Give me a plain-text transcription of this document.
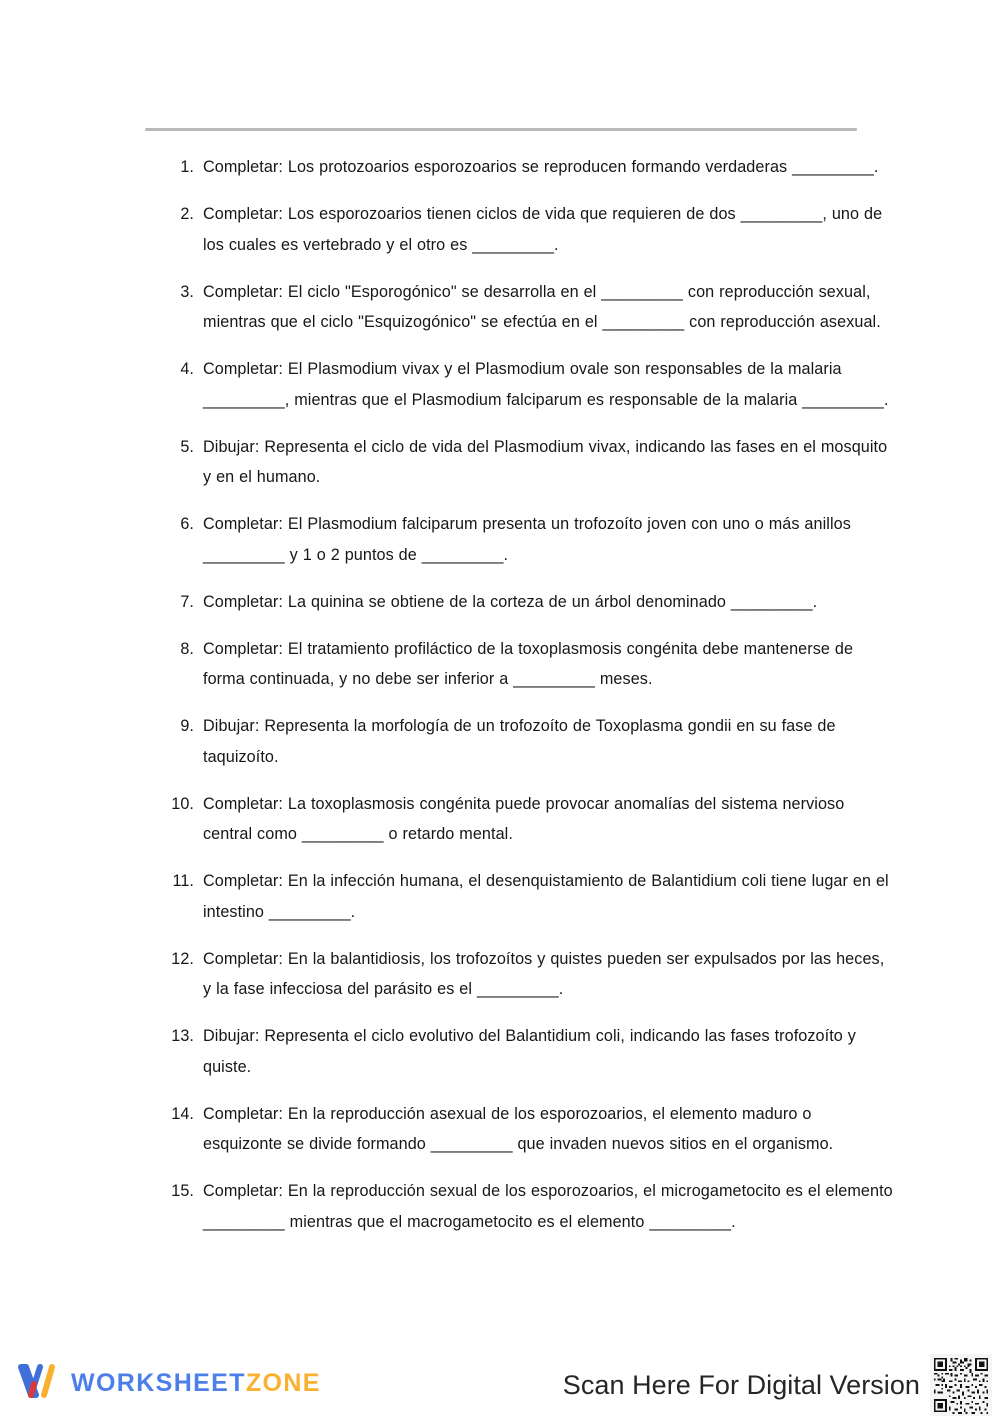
1. Completar: Los protozoarios esporozoarios se reproducen formando verdaderas _________.
2. Completar: Los esporozoarios tienen ciclos de vida que requieren de dos _________, uno de los cuales es vertebrado y el otro es _________.
3. Completar: El ciclo "Esporogónico" se desarrolla en el _________ con reproducción sexual, mientras que el ciclo "Esquizogónico" se efectúa en el _________ con reproducción asexual.
4. Completar: El Plasmodium vivax y el Plasmodium ovale son responsables de la malaria _________, mientras que el Plasmodium falciparum es responsable de la malaria _________.
5. Dibujar: Representa el ciclo de vida del Plasmodium vivax, indicando las fases en el mosquito y en el humano.
6. Completar: El Plasmodium falciparum presenta un trofozoíto joven con uno o más anillos _________ y 1 o 2 puntos de _________.
7. Completar: La quinina se obtiene de la corteza de un árbol denominado _________.
8. Completar: El tratamiento profiláctico de la toxoplasmosis congénita debe mantenerse de forma continuada, y no debe ser inferior a _________ meses.
9. Dibujar: Representa la morfología de un trofozoíto de Toxoplasma gondii en su fase de taquizoíto.
10. Completar: La toxoplasmosis congénita puede provocar anomalías del sistema nervioso central como _________ o retardo mental.
11. Completar: En la infección humana, el desenquistamiento de Balantidium coli tiene lugar en el intestino _________.
12. Completar: En la balantidiosis, los trofozoítos y quistes pueden ser expulsados por las heces, y la fase infecciosa del parásito es el _________.
13. Dibujar: Representa el ciclo evolutivo del Balantidium coli, indicando las fases trofozoíto y quiste.
14. Completar: En la reproducción asexual de los esporozoarios, el elemento maduro o esquizonte se divide formando _________ que invaden nuevos sitios en el organismo.
15. Completar: En la reproducción sexual de los esporozoarios, el microgametocito es el elemento _________ mientras que el macrogametocito es el elemento _________.
WORKSHEETZONE	Scan Here For Digital Version
